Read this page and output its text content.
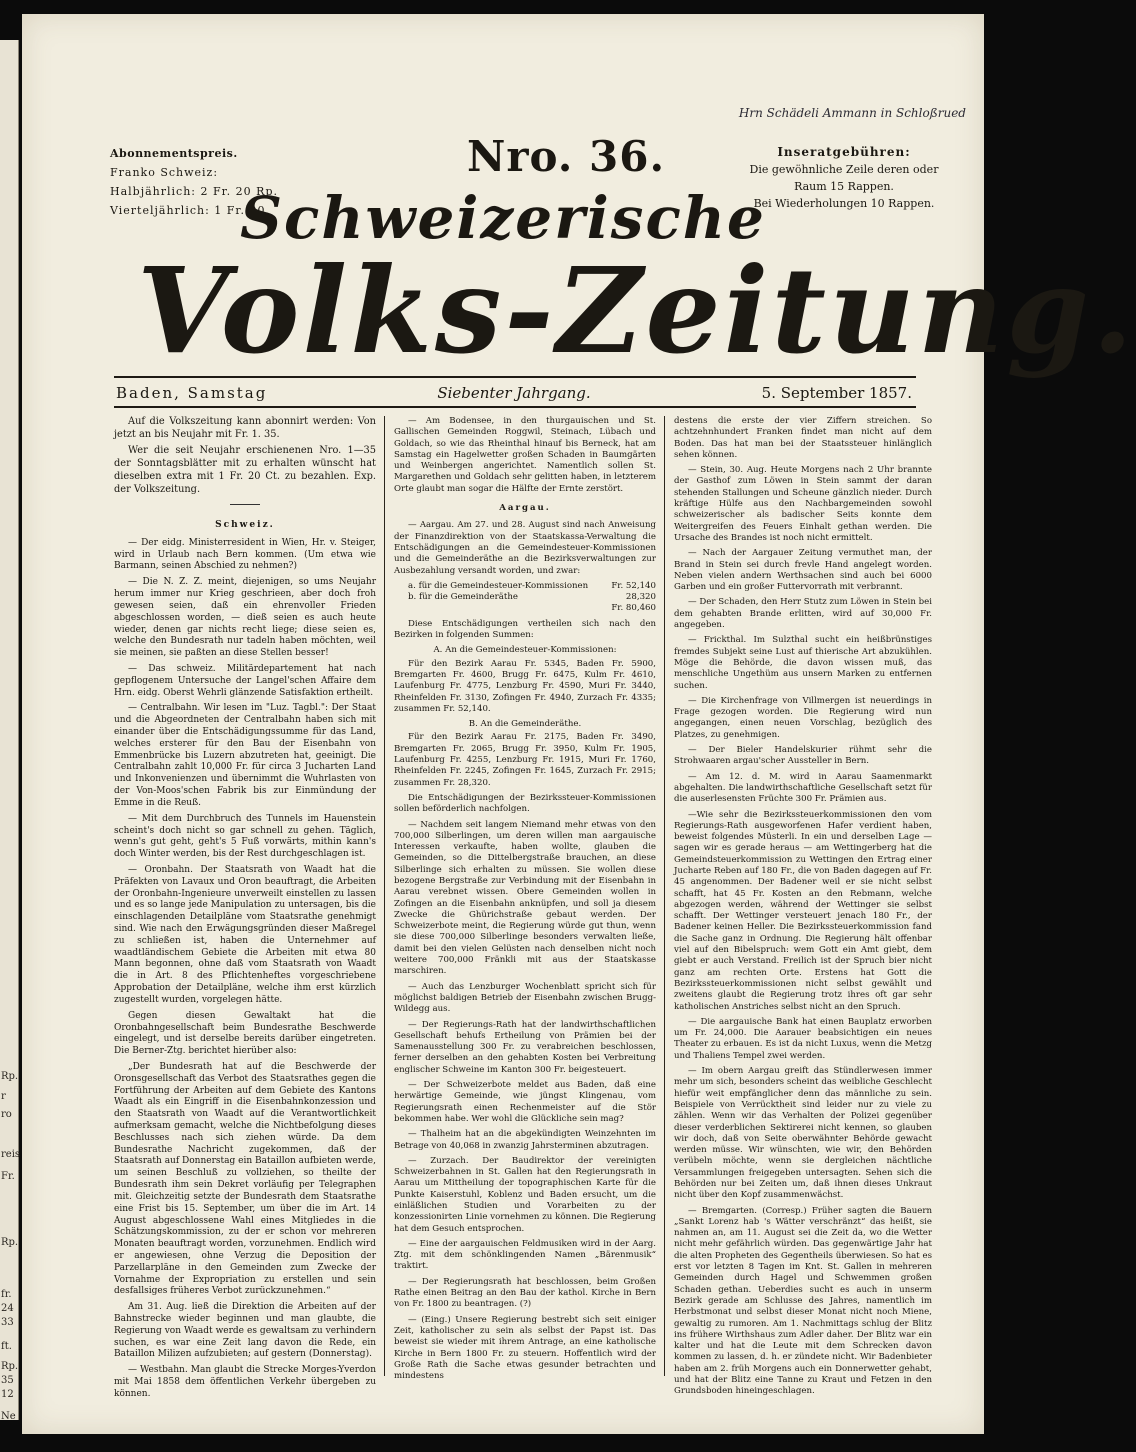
Rp.
r
ro
reis
Fr.
Rp.
fr.
24
33
ft.
Rp.
35
12
Ne
Hrn Schädeli Ammann in Schloßrued
Abonnementspreis.
Franko Schweiz:
Halbjährlich: 2 Fr. 20 Rp.
Vierteljährlich: 1 Fr. 20.
Nro. 36.	Inseratgebühren:
Die gewöhnliche Zeile deren oder
Raum 15 Rappen.
Bei Wiederholungen 10 Rappen.
Schweizerische
Volks-Zeitung.
Baden, Samstag	Siebenter Jahrgang.	5. September 1857.

Auf die Volkszeitung kann abonnirt werden: Von jetzt an bis Neujahr mit Fr. 1. 35.

Wer die seit Neujahr erschienenen Nro. 1—35 der Sonntagsblätter mit zu erhalten wünscht hat dieselben extra mit 1 Fr. 20 Ct. zu bezahlen. Exp. der Volkszeitung.

Schweiz.

— Der eidg. Ministerresident in Wien, Hr. v. Steiger, wird in Urlaub nach Bern kommen. (Um etwa wie Barmann, seinen Abschied zu nehmen?)

— Die N. Z. Z. meint, diejenigen, so ums Neujahr herum immer nur Krieg geschrieen, aber doch froh gewesen seien, daß ein ehrenvoller Frieden abgeschlossen worden, — dieß seien es auch heute wieder, denen gar nichts recht liege; diese seien es, welche den Bundesrath nur tadeln haben möchten, weil sie meinen, sie paßten an diese Stellen besser!

— Das schweiz. Militärdepartement hat nach gepflogenem Untersuche der Langel'schen Affaire dem Hrn. eidg. Oberst Wehrli glänzende Satisfaktion ertheilt.

— Centralbahn. Wir lesen im "Luz. Tagbl.": Der Staat und die Abgeordneten der Centralbahn haben sich mit einander über die Entschädigungssumme für das Land, welches ersterer für den Bau der Eisenbahn von Emmenbrücke bis Luzern abzutreten hat, geeinigt. Die Centralbahn zahlt 10,000 Fr. für circa 3 Jucharten Land und Inkonvenienzen und übernimmt die Wuhrlasten von der Von-Moos'schen Fabrik bis zur Einmündung der Emme in die Reuß.

— Mit dem Durchbruch des Tunnels im Hauenstein scheint's doch nicht so gar schnell zu gehen. Täglich, wenn's gut geht, geht's 5 Fuß vorwärts, mithin kann's doch Winter werden, bis der Rest durchgeschlagen ist.

— Oronbahn. Der Staatsrath von Waadt hat die Präfekten von Lavaux und Oron beauftragt, die Arbeiten der Oronbahn-Ingenieure unverweilt einstellen zu lassen und es so lange jede Manipulation zu untersagen, bis die einschlagenden Detailpläne vom Staatsrathe genehmigt sind. Wie nach den Erwägungsgründen dieser Maßregel zu schließen ist, haben die Unternehmer auf waadtländischem Gebiete die Arbeiten mit etwa 80 Mann begonnen, ohne daß vom Staatsrath von Waadt die in Art. 8 des Pflichtenheftes vorgeschriebene Approbation der Detailpläne, welche ihm erst kürzlich zugestellt wurden, vorgelegen hätte.

Gegen diesen Gewaltakt hat die Oronbahngesellschaft beim Bundesrathe Beschwerde eingelegt, und ist derselbe bereits darüber eingetreten. Die Berner-Ztg. berichtet hierüber also:

„Der Bundesrath hat auf die Beschwerde der Oronsgesellschaft das Verbot des Staatsrathes gegen die Fortführung der Arbeiten auf dem Gebiete des Kantons Waadt als ein Eingriff in die Eisenbahnkonzession und den Staatsrath von Waadt auf die Verantwortlichkeit aufmerksam gemacht, welche die Nichtbefolgung dieses Beschlusses nach sich ziehen würde. Da dem Bundesrathe Nachricht zugekommen, daß der Staatsrath auf Donnerstag ein Bataillon aufbieten werde, um seinen Beschluß zu vollziehen, so theilte der Bundesrath ihm sein Dekret vorläufig per Telegraphen mit. Gleichzeitig setzte der Bundesrath dem Staatsrathe eine Frist bis 15. September, um über die im Art. 14 August abgeschlossene Wahl eines Mitgliedes in die Schätzungskommission, zu der er schon vor mehreren Monaten beauftragt worden, vorzunehmen. Endlich wird er angewiesen, ohne Verzug die Deposition der Parzellarpläne in den Gemeinden zum Zwecke der Vornahme der Expropriation zu erstellen und sein desfallsiges früheres Verbot zurückzunehmen.“

Am 31. Aug. ließ die Direktion die Arbeiten auf der Bahnstrecke wieder beginnen und man glaubte, die Regierung von Waadt werde es gewaltsam zu verhindern suchen, es war eine Zeit lang davon die Rede, ein Bataillon Milizen aufzubieten; auf gestern (Donnerstag).

— Westbahn. Man glaubt die Strecke Morges-Yverdon mit Mai 1858 dem öffentlichen Verkehr übergeben zu können.

— Am Bodensee, in den thurgauischen und St. Gallischen Gemeinden Roggwil, Steinach, Lübach und Goldach, so wie das Rheinthal hinauf bis Berneck, hat am Samstag ein Hagelwetter großen Schaden in Baumgärten und Weinbergen angerichtet. Namentlich sollen St. Margarethen und Goldach sehr gelitten haben, in letzterem Orte glaubt man sogar die Hälfte der Ernte zerstört.

Aargau.

— Aargau. Am 27. und 28. August sind nach Anweisung der Finanzdirektion von der Staatskassa-Verwaltung die Entschädigungen an die Gemeindesteuer-Kommissionen und die Gemeinderäthe an die Bezirksverwaltungen zur Ausbezahlung versandt worden, und zwar:

a. für die Gemeindesteuer-Kommissionen	Fr. 52,140
b. für die Gemeinderäthe	28,320

Fr. 80,460

Diese Entschädigungen vertheilen sich nach den Bezirken in folgenden Summen:

A. An die Gemeindesteuer-Kommissionen:

Für den Bezirk Aarau Fr. 5345, Baden Fr. 5900, Bremgarten Fr. 4600, Brugg Fr. 6475, Kulm Fr. 4610, Laufenburg Fr. 4775, Lenzburg Fr. 4590, Muri Fr. 3440, Rheinfelden Fr. 3130, Zofingen Fr. 4940, Zurzach Fr. 4335; zusammen Fr. 52,140.

B. An die Gemeinderäthe.

Für den Bezirk Aarau Fr. 2175, Baden Fr. 3490, Bremgarten Fr. 2065, Brugg Fr. 3950, Kulm Fr. 1905, Laufenburg Fr. 4255, Lenzburg Fr. 1915, Muri Fr. 1760, Rheinfelden Fr. 2245, Zofingen Fr. 1645, Zurzach Fr. 2915; zusammen Fr. 28,320.

Die Entschädigungen der Bezirkssteuer-Kommissionen sollen beförderlich nachfolgen.

— Nachdem seit langem Niemand mehr etwas von den 700,000 Silberlingen, um deren willen man aargauische Interessen verkaufte, haben wollte, glauben die Gemeinden, so die Dittelbergstraße brauchen, an diese Silberlinge sich erhalten zu müssen. Sie wollen diese bezogene Bergstraße zur Verbindung mit der Eisenbahn in Aarau verebnet wissen. Obere Gemeinden wollen in Zofingen an die Eisenbahn anknüpfen, und soll ja diesem Zwecke die Ghürichstraße gebaut werden. Der Schweizerbote meint, die Regierung würde gut thun, wenn sie diese 700,000 Silberlinge besonders verwalten ließe, damit bei den vielen Gelüsten nach denselben nicht noch weitere 700,000 Fränkli mit aus der Staatskasse marschiren.

— Auch das Lenzburger Wochenblatt spricht sich für möglichst baldigen Betrieb der Eisenbahn zwischen Brugg-Wildegg aus.

— Der Regierungs-Rath hat der landwirthschaftlichen Gesellschaft behufs Ertheilung von Prämien bei der Samenausstellung 300 Fr. zu verabreichen beschlossen, ferner derselben an den gehabten Kosten bei Verbreitung englischer Schweine im Kanton 300 Fr. beigesteuert.

— Der Schweizerbote meldet aus Baden, daß eine herwärtige Gemeinde, wie jüngst Klingenau, vom Regierungsrath einen Rechenmeister auf die Stör bekommen habe. Wer wohl die Glückliche sein mag?

— Thalheim hat an die abgekündigten Weinzehnten im Betrage von 40,068 in zwanzig Jahrsterminen abzutragen.

— Zurzach. Der Baudirektor der vereinigten Schweizerbahnen in St. Gallen hat den Regierungsrath in Aarau um Mittheilung der topographischen Karte für die Punkte Kaiserstuhl, Koblenz und Baden ersucht, um die einläßlichen Studien und Vorarbeiten zu der konzessionirten Linie vornehmen zu können. Die Regierung hat dem Gesuch entsprochen.

— Eine der aargauischen Feldmusiken wird in der Aarg. Ztg. mit dem schönklingenden Namen „Bärenmusik“ traktirt.

— Der Regierungsrath hat beschlossen, beim Großen Rathe einen Beitrag an den Bau der kathol. Kirche in Bern von Fr. 1800 zu beantragen. (?)

— (Eing.) Unsere Regierung bestrebt sich seit einiger Zeit, katholischer zu sein als selbst der Papst ist. Das beweist sie wieder mit ihrem Antrage, an eine katholische Kirche in Bern 1800 Fr. zu steuern. Hoffentlich wird der Große Rath die Sache etwas gesunder betrachten und mindestens

destens die erste der vier Ziffern streichen. So achtzehnhundert Franken findet man nicht auf dem Boden. Das hat man bei der Staatssteuer hinlänglich sehen können.

— Stein, 30. Aug. Heute Morgens nach 2 Uhr brannte der Gasthof zum Löwen in Stein sammt der daran stehenden Stallungen und Scheune gänzlich nieder. Durch kräftige Hülfe aus den Nachbargemeinden sowohl schweizerischer als badischer Seits konnte dem Weitergreifen des Feuers Einhalt gethan werden. Die Ursache des Brandes ist noch nicht ermittelt.

— Nach der Aargauer Zeitung vermuthet man, der Brand in Stein sei durch frevle Hand angelegt worden. Neben vielen andern Werthsachen sind auch bei 6000 Garben und ein großer Futtervorrath mit verbrannt.

— Der Schaden, den Herr Stutz zum Löwen in Stein bei dem gehabten Brande erlitten, wird auf 30,000 Fr. angegeben.

— Frickthal. Im Sulzthal sucht ein heißbrünstiges fremdes Subjekt seine Lust auf thierische Art abzukühlen. Möge die Behörde, die davon wissen muß, das menschliche Ungethüm aus unsern Marken zu entfernen suchen.

— Die Kirchenfrage von Villmergen ist neuerdings in Frage gezogen worden. Die Regierung wird nun angegangen, einen neuen Vorschlag, bezüglich des Platzes, zu genehmigen.

— Der Bieler Handelskurier rühmt sehr die Strohwaaren argau'scher Aussteller in Bern.

— Am 12. d. M. wird in Aarau Saamenmarkt abgehalten. Die landwirthschaftliche Gesellschaft setzt für die auserlesensten Früchte 300 Fr. Prämien aus.

—Wie sehr die Bezirkssteuerkommissionen den vom Regierungs-Rath ausgeworfenen Hafer verdient haben, beweist folgendes Müsterli. In ein und derselben Lage — sagen wir es gerade heraus — am Wettingerberg hat die Gemeindsteuerkommission zu Wettingen den Ertrag einer Jucharte Reben auf 180 Fr., die von Baden dagegen auf Fr. 45 angenommen. Der Badener weil er sie nicht selbst schafft, hat 45 Fr. Kosten an den Rebmann, welche abgezogen werden, während der Wettinger sie selbst schafft. Der Wettinger versteuert jenach 180 Fr., der Badener keinen Heller. Die Bezirkssteuerkommission fand die Sache ganz in Ordnung. Die Regierung hält offenbar viel auf den Bibelspruch: wem Gott ein Amt giebt, dem giebt er auch Verstand. Freilich ist der Spruch bier nicht ganz am rechten Orte. Erstens hat Gott die Bezirkssteuerkommissionen nicht selbst gewählt und zweitens glaubt die Regierung trotz ihres oft gar sehr katholischen Anstriches selbst nicht an den Spruch.

— Die aargauische Bank hat einen Bauplatz erworben um Fr. 24,000. Die Aarauer beabsichtigen ein neues Theater zu erbauen. Es ist da nicht Luxus, wenn die Metzg und Thaliens Tempel zwei werden.

— Im obern Aargau greift das Stündlerwesen immer mehr um sich, besonders scheint das weibliche Geschlecht hiefür weit empfänglicher denn das männliche zu sein. Beispiele von Verrücktheit sind leider nur zu viele zu zählen. Wenn wir das Verhalten der Polizei gegenüber dieser verderblichen Sektirerei nicht kennen, so glauben wir doch, daß von Seite oberwähnter Behörde gewacht werden müsse. Wir wünschten, wie wir, den Behörden verübeln möchte, wenn sie dergleichen nächtliche Versammlungen freigegeben untersagten. Sehen sich die Behörden nur bei Zeiten um, daß ihnen dieses Unkraut nicht über den Kopf zusammenwächst.

— Bremgarten. (Corresp.) Früher sagten die Bauern „Sankt Lorenz hab 's Wätter verschränzt“ das heißt, sie nahmen an, am 11. August sei die Zeit da, wo die Wetter nicht mehr gefährlich würden. Das gegenwärtige Jahr hat die alten Propheten des Gegentheils überwiesen. So hat es erst vor letzten 8 Tagen im Knt. St. Gallen in mehreren Gemeinden durch Hagel und Schwemmen großen Schaden gethan. Ueberdies sucht es auch in unserm Bezirk gerade am Schlusse des Jahres, namentlich im Herbstmonat und selbst dieser Monat nicht noch Miene, gewaltig zu rumoren. Am 1. Nachmittags schlug der Blitz ins frühere Wirthshaus zum Adler daher. Der Blitz war ein kalter und hat die Leute mit dem Schrecken davon kommen zu lassen, d. h. er zündete nicht. Wir Badenbieter haben am 2. früh Morgens auch ein Donnerwetter gehabt, und hat der Blitz eine Tanne zu Kraut und Fetzen in den Grundsboden hineingeschlagen.
